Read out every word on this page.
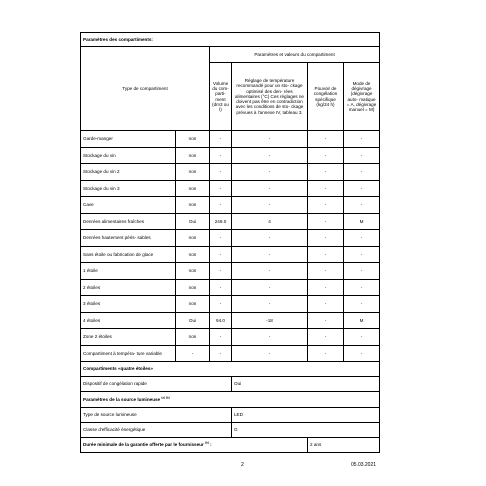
Paramètres des compartiments:					
Type de compartiment		Paramètres et valeurs du compartiment			
		Volume du com- parti- ment (dm3 ou l)	Réglage de température recommandé pour un sto- ckage optimisé des den- rées alimentaires (°C) Ces réglages ne doivent pas être en contradiction avec les conditions de sto- ckage prévues à l'annexe IV, tableau 3.	Pouvoir de congélation spécifique (kg/24 h)	Mode de dégivrage (dégivrage auto- matique = A, dégivrage manuel = M)
Garde-manger	non	-	-	-	-
Stockage du vin	non	-	-	-	-
Stockage du vin 2	non	-	-	-	-
Stockage du vin 3	non	-	-	-	-
Cave	non	-	-	-	-
Denrées alimentaires fraîches	Oui	249.0	4	-	M
Denrées hautement péris- sables	non	-	-	-	-
Sans étoile ou fabrication de glace	non	-	-	-	-
1 étoile	non	-	-	-	-
2 étoiles	non	-	-	-	-
3 étoiles	non	-	-	-	-
4 étoiles	Oui	94.0	-18	-	M
Zone 2 étoiles	non	-	-	-	-
Compartiment à tempéra- ture variable	-	-	-	-	-
Compartiments «quatre étoiles»					
Dispositif de congélation rapide			Oui		
Paramètres de la source lumineuse $^{(a) (b)}$
Type de source lumineuse			LED		
Classe d'efficacité énergétique			G		
Durée minimale de la garantie offerte par le fournisseur $^{(b)}$ :				2 ans	
2	05.03.2021
